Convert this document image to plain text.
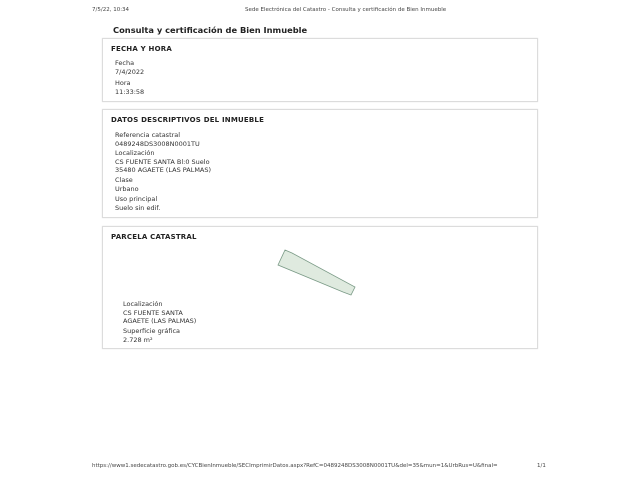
7/5/22, 10:34	Sede Electrónica del Catastro - Consulta y certificación de Bien Inmueble
Consulta y certificación de Bien Inmueble
FECHA Y HORA
Fecha
7/4/2022
Hora
11:33:58
DATOS DESCRIPTIVOS DEL INMUEBLE
Referencia catastral
0489248DS3008N0001TU
Localización
CS FUENTE SANTA Bl:0 Suelo
35480 AGAETE (LAS PALMAS)
Clase
Urbano
Uso principal
Suelo sin edif.
PARCELA CATASTRAL
Localización
CS FUENTE SANTA
AGAETE (LAS PALMAS)
Superficie gráfica
2.728 m²
https://www1.sedecatastro.gob.es/CYCBienInmueble/SECImprimirDatos.aspx?RefC=0489248DS3008N0001TU&del=35&mun=1&UrbRus=U&final=	1/1
